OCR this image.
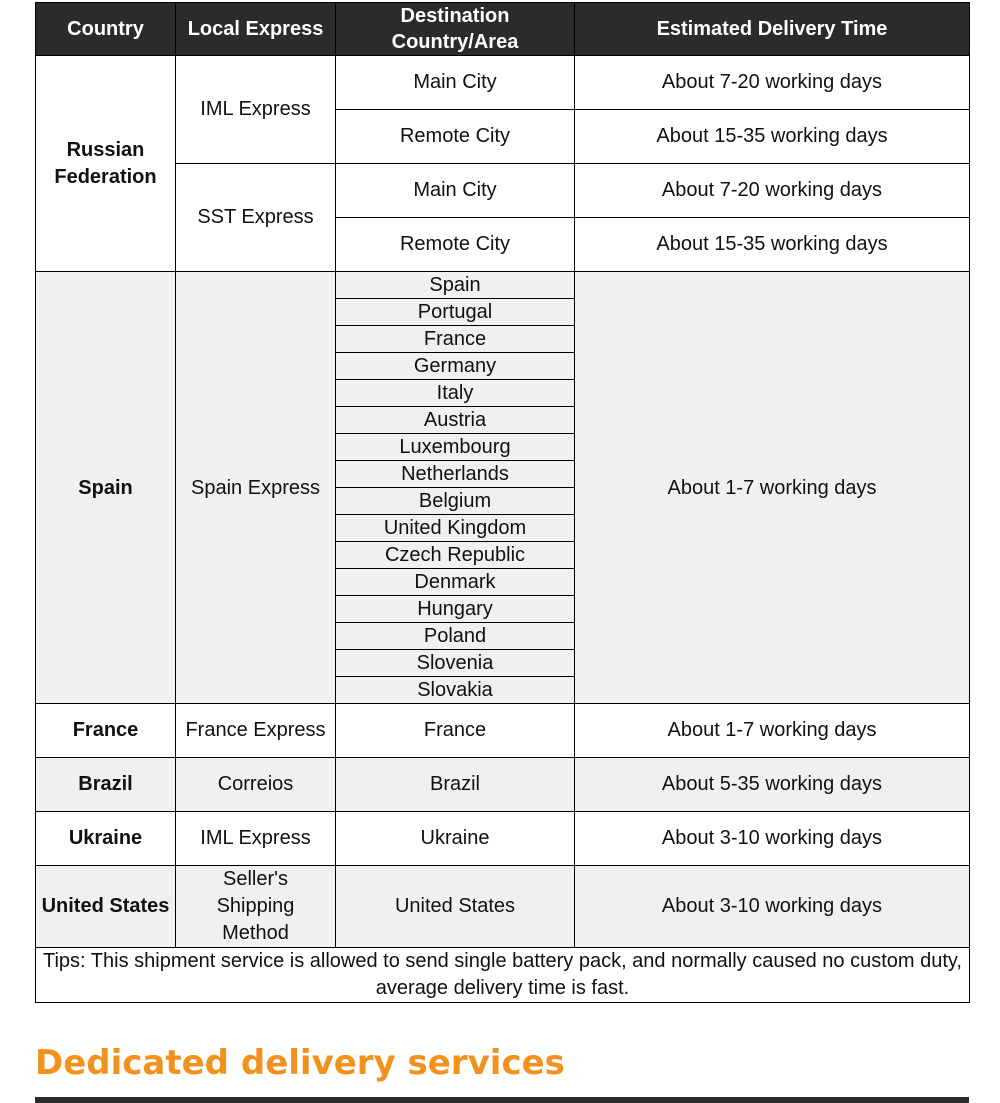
Country	Local Express	Destination Country/Area	Estimated Delivery Time
Russian Federation	IML Express	Main City	About 7-20 working days
		Remote City	About 15-35 working days
	SST Express	Main City	About 7-20 working days
		Remote City	About 15-35 working days
Spain	Spain Express	Spain	About 1-7 working days
		Portugal	
		France	
		Germany	
		Italy	
		Austria	
		Luxembourg	
		Netherlands	
		Belgium	
		United Kingdom	
		Czech Republic	
		Denmark	
		Hungary	
		Poland	
		Slovenia	
		Slovakia	
France	France Express	France	About 1-7 working days
Brazil	Correios	Brazil	About 5-35 working days
Ukraine	IML Express	Ukraine	About 3-10 working days
United States	Seller's Shipping Method	United States	About 3-10 working days
Tips: This shipment service is allowed to send single battery pack, and normally caused no custom duty, average delivery time is fast.			
Dedicated delivery services
